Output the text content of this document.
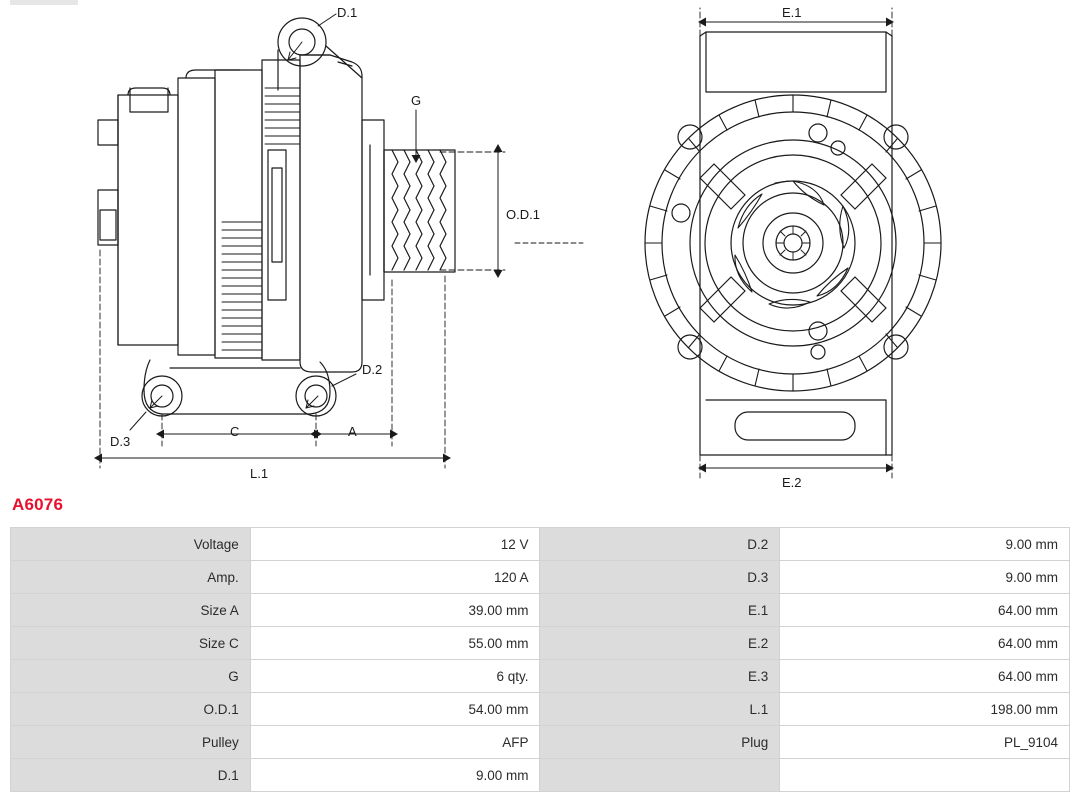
D.1
D.2
D.3
G
O.D.1
A
C
L.1
E.1
E.2
A6076
Voltage	12 V	D.2	9.00 mm
Amp.	120 A	D.3	9.00 mm
Size A	39.00 mm	E.1	64.00 mm
Size C	55.00 mm	E.2	64.00 mm
G	6 qty.	E.3	64.00 mm
O.D.1	54.00 mm	L.1	198.00 mm
Pulley	AFP	Plug	PL_9104
D.1	9.00 mm		
